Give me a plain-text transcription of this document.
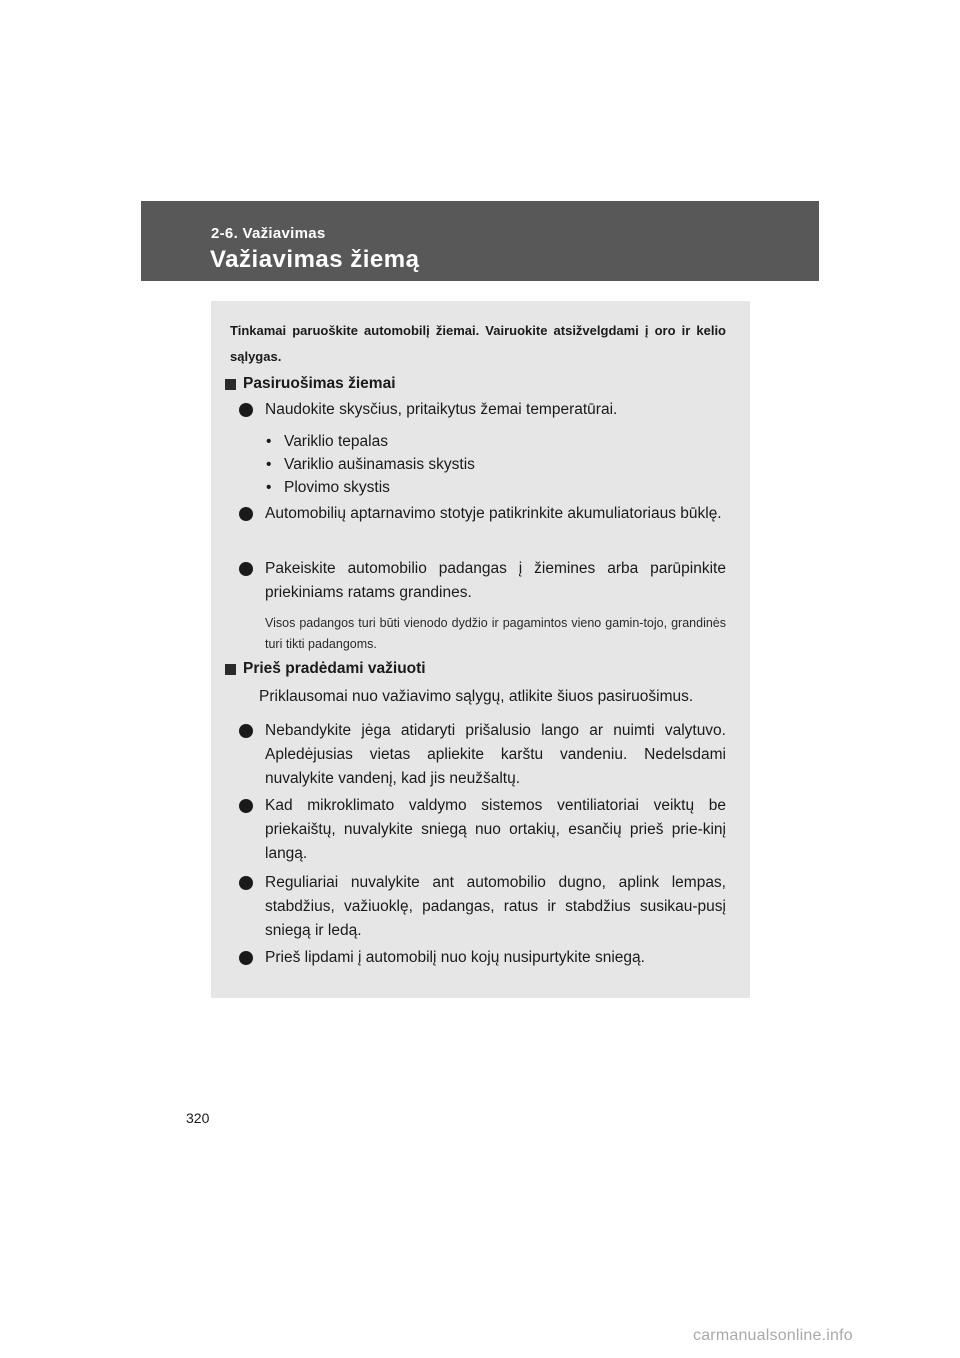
2-6. Važiavimas
Važiavimas žiemą
Tinkamai paruoškite automobilį žiemai. Vairuokite atsižvelgdami į oro ir kelio sąlygas.
Pasiruošimas žiemai
Naudokite skysčius, pritaikytus žemai temperatūrai.
• Variklio tepalas
• Variklio aušinamasis skystis
• Plovimo skystis
Automobilių aptarnavimo stotyje patikrinkite akumuliatoriaus būklę.
Pakeiskite automobilio padangas į žiemines arba parūpinkite priekiniams ratams grandines.
Visos padangos turi būti vienodo dydžio ir pagamintos vieno gamin-tojo, grandinės turi tikti padangoms.
Prieš pradėdami važiuoti
Priklausomai nuo važiavimo sąlygų, atlikite šiuos pasiruošimus.
Nebandykite jėga atidaryti prišalusio lango ar nuimti valytuvo. Apledėjusias vietas apliekite karštu vandeniu. Nedelsdami nuvalykite vandenį, kad jis neužšaltų.
Kad mikroklimato valdymo sistemos ventiliatoriai veiktų be priekaištų, nuvalykite sniegą nuo ortakių, esančių prieš prie-kinį langą.
Reguliariai nuvalykite ant automobilio dugno, aplink lempas, stabdžius, važiuoklę, padangas, ratus ir stabdžius susikau-pusį sniegą ir ledą.
Prieš lipdami į automobilį nuo kojų nusipurtykite sniegą.
320
carmanualsonline.info
